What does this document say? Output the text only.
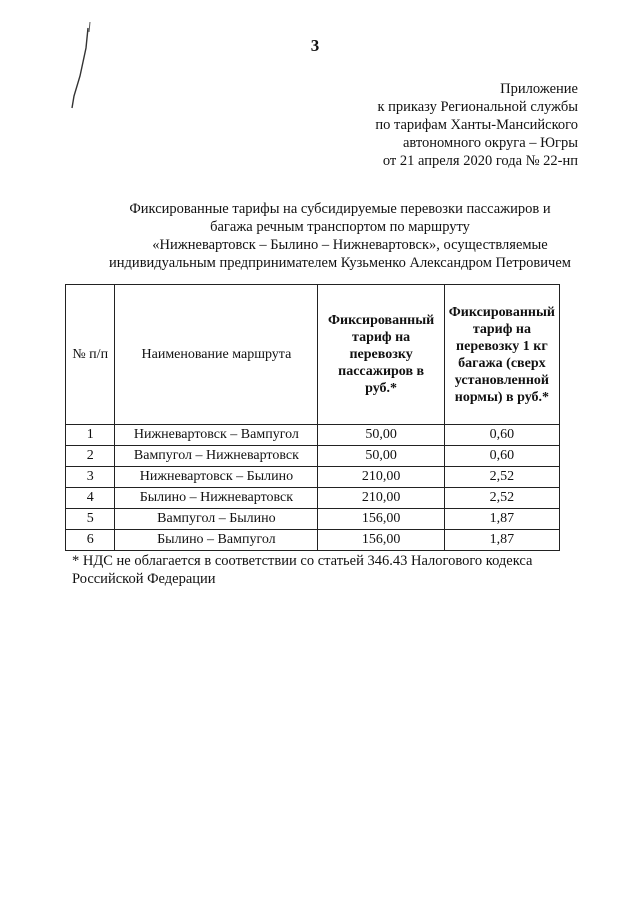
3
Приложение
к приказу Региональной службы
по тарифам Ханты-Мансийского
автономного округа – Югры
от 21 апреля 2020 года № 22-нп
Фиксированные тарифы на субсидируемые перевозки пассажиров и
багажа речным транспортом по маршруту
«Нижневартовск – Былино – Нижневартовск», осуществляемые
индивидуальным предпринимателем Кузьменко Александром Петровичем
№ п/п	Наименование маршрута	Фиксированный тариф на перевозку пассажиров в руб.*	Фиксированный тариф на перевозку 1 кг багажа (сверх установленной нормы) в руб.*
1	Нижневартовск – Вампугол	50,00	0,60
2	Вампугол – Нижневартовск	50,00	0,60
3	Нижневартовск – Былино	210,00	2,52
4	Былино – Нижневартовск	210,00	2,52
5	Вампугол – Былино	156,00	1,87
6	Былино – Вампугол	156,00	1,87
* НДС не облагается в соответствии со статьей 346.43 Налогового кодекса Российской Федерации
